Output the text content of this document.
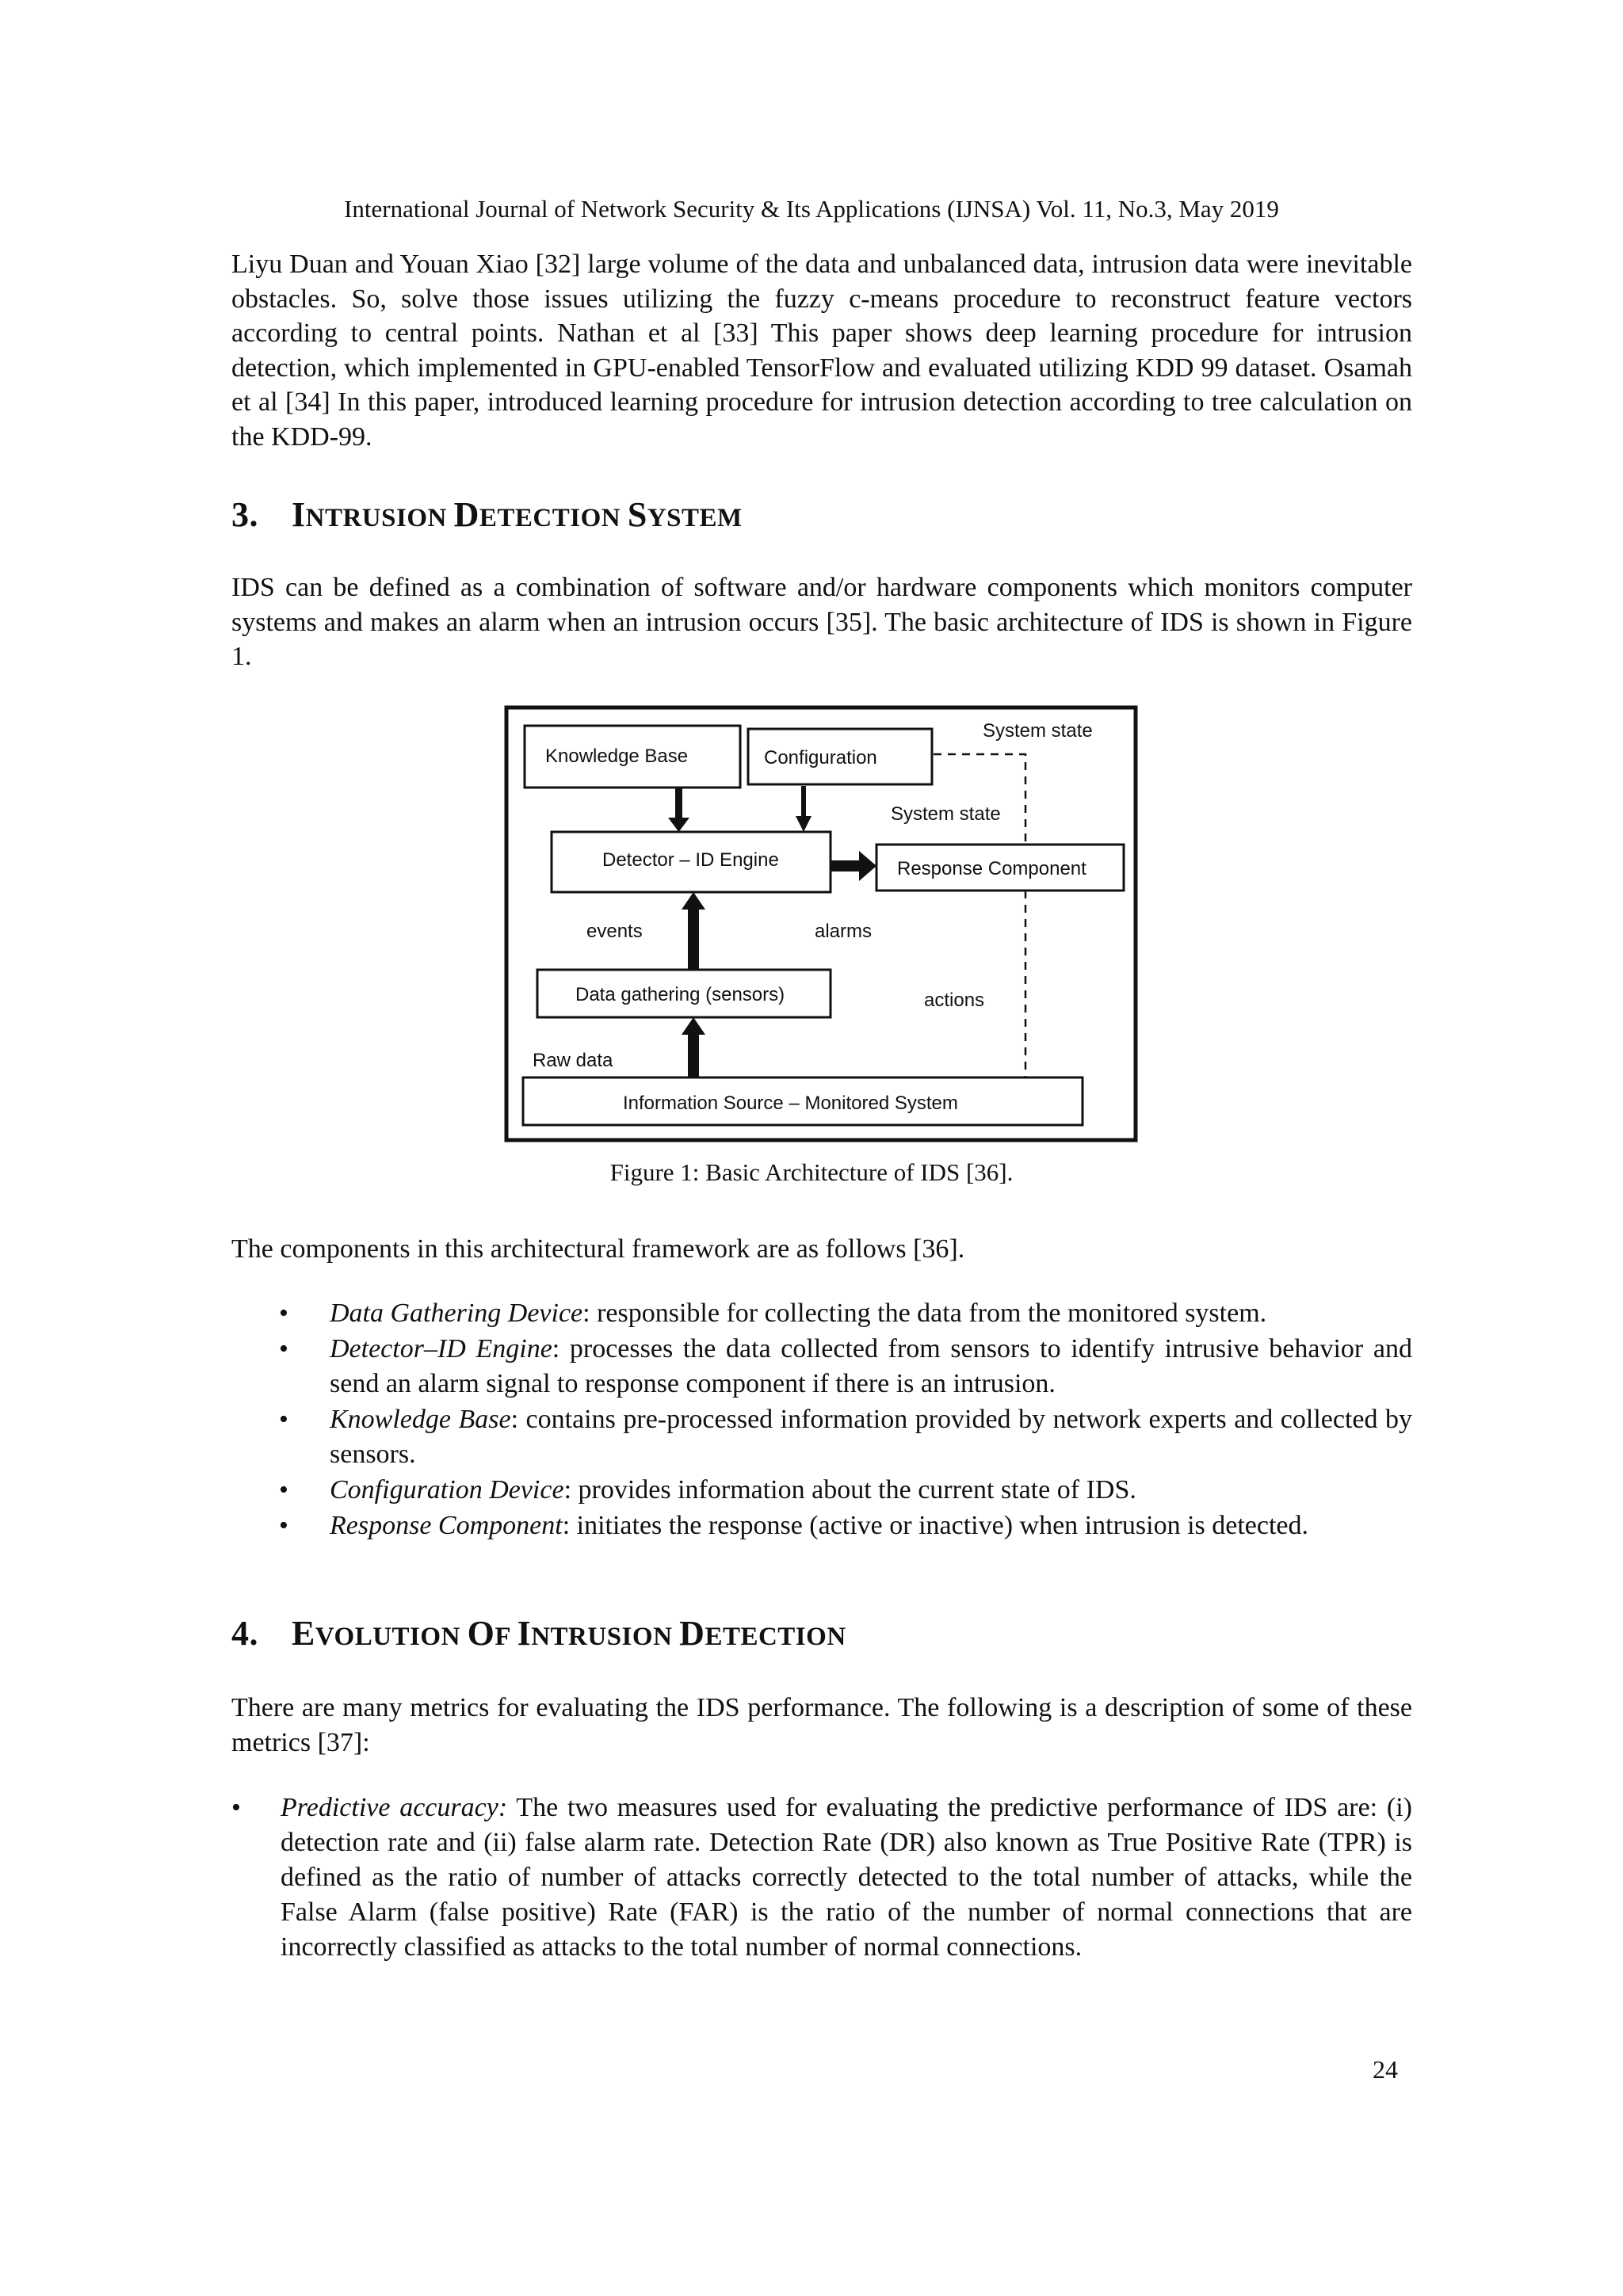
International Journal of Network Security & Its Applications (IJNSA) Vol. 11, No.3, May 2019

Liyu Duan and Youan Xiao [32] large volume of the data and unbalanced data, intrusion data were inevitable obstacles. So, solve those issues utilizing the fuzzy c-means procedure to reconstruct feature vectors according to central points. Nathan et al [33] This paper shows deep learning procedure for intrusion detection, which implemented in GPU-enabled TensorFlow and evaluated utilizing KDD 99 dataset. Osamah et al [34] In this paper, introduced learning procedure for intrusion detection according to tree calculation on the KDD-99.

3. INTRUSION DETECTION SYSTEM

IDS can be defined as a combination of software and/or hardware components which monitors computer systems and makes an alarm when an intrusion occurs [35]. The basic architecture of IDS is shown in Figure 1.

Knowledge Base	Configuration
System state
System state
Detector – ID Engine	Response Component
events	alarms
Data gathering (sensors)	actions
Raw data
Information Source – Monitored System
Figure 1: Basic Architecture of IDS [36].

The components in this architectural framework are as follows [36].

• Data Gathering Device: responsible for collecting the data from the monitored system.
• Detector–ID Engine: processes the data collected from sensors to identify intrusive behavior and send an alarm signal to response component if there is an intrusion.
• Knowledge Base: contains pre-processed information provided by network experts and collected by sensors.
• Configuration Device: provides information about the current state of IDS.
• Response Component: initiates the response (active or inactive) when intrusion is detected.
4. EVOLUTION OF INTRUSION DETECTION

There are many metrics for evaluating the IDS performance. The following is a description of some of these metrics [37]:

• Predictive accuracy: The two measures used for evaluating the predictive performance of IDS are: (i) detection rate and (ii) false alarm rate. Detection Rate (DR) also known as True Positive Rate (TPR) is defined as the ratio of number of attacks correctly detected to the total number of attacks, while the False Alarm (false positive) Rate (FAR) is the ratio of the number of normal connections that are incorrectly classified as attacks to the total number of normal connections.
24
